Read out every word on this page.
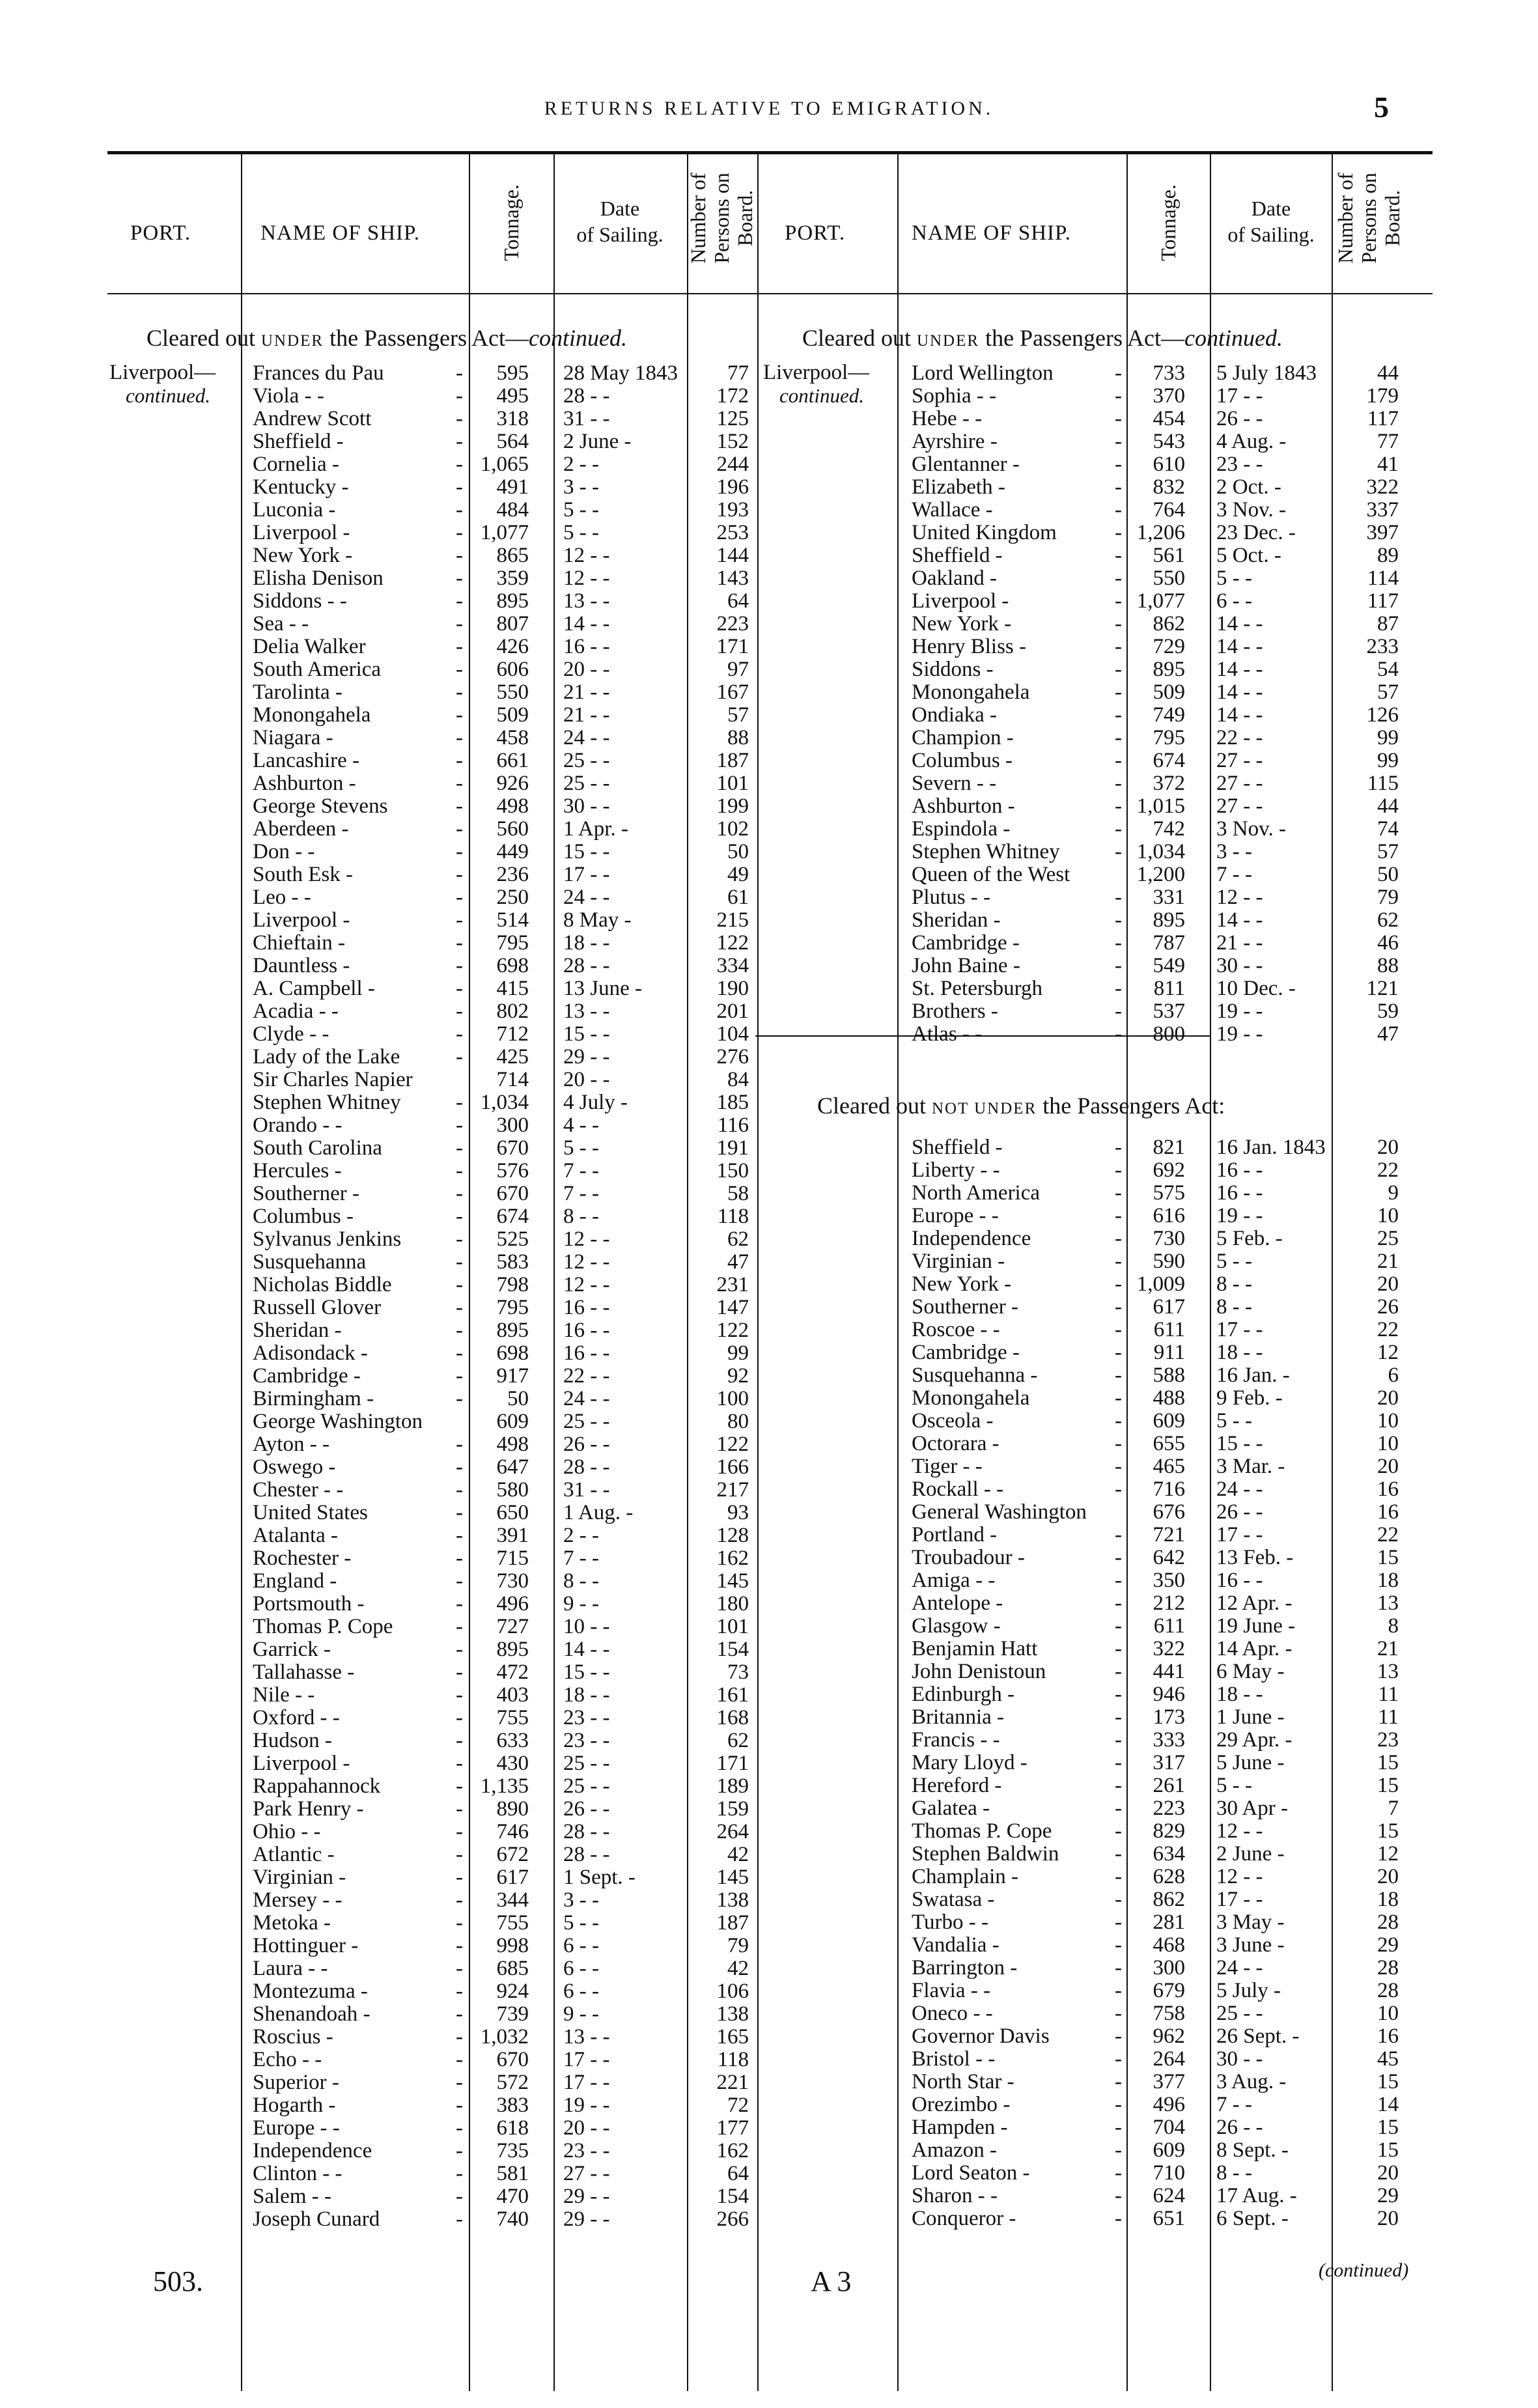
RETURNS RELATIVE TO EMIGRATION.	5
PORT.	NAME OF SHIP.	Tonnage.	Date
of Sailing.	Number of Persons on Board. PORT.	NAME OF SHIP.	Tonnage.	Date
of Sailing. Number of Persons on Board.
Cleared out UNDER the Passengers Act—continued.	Cleared out UNDER the Passengers Act—continued.
Cleared out NOT UNDER the Passengers Act:
Liverpool—
continued.
Liverpool—
continued.
Frances du Pau	-	595 28 May 1843	77
Viola - -	-	495 28 - -	172
Andrew Scott	-	318 31 - -	125
Sheffield -	-	564 2 June -	152
Cornelia -	- 1,065 2 - -	244
Kentucky -	-	491 3 - -	196
Luconia -	-	484 5 - -	193
Liverpool -	- 1,077 5 - -	253
New York -	-	865 12 - -	144
Elisha Denison	-	359 12 - -	143
Siddons - -	-	895 13 - -	64
Sea - -	-	807 14 - -	223
Delia Walker	-	426 16 - -	171
South America	-	606 20 - -	97
Tarolinta -	-	550 21 - -	167
Monongahela	-	509 21 - -	57
Niagara -	-	458 24 - -	88
Lancashire -	-	661 25 - -	187
Ashburton -	-	926 25 - -	101
George Stevens	-	498 30 - -	199
Aberdeen -	-	560 1 Apr. -	102
Don - -	-	449 15 - -	50
South Esk -	-	236 17 - -	49
Leo - -	-	250 24 - -	61
Liverpool -	-	514 8 May -	215
Chieftain -	-	795 18 - -	122
Dauntless -	-	698 28 - -	334
A. Campbell -	-	415 13 June -	190
Acadia - -	-	802 13 - -	201
Clyde - -	-	712 15 - -	104
Lady of the Lake	-	425 29 - -	276
Sir Charles Napier	714 20 - -	84
Stephen Whitney	- 1,034 4 July -	185
Orando - -	-	300 4 - -	116
South Carolina	-	670 5 - -	191
Hercules -	-	576 7 - -	150
Southerner -	-	670 7 - -	58
Columbus -	-	674 8 - -	118
Sylvanus Jenkins	-	525 12 - -	62
Susquehanna	-	583 12 - -	47
Nicholas Biddle	-	798 12 - -	231
Russell Glover	-	795 16 - -	147
Sheridan -	-	895 16 - -	122
Adisondack -	-	698 16 - -	99
Cambridge -	-	917 22 - -	92
Birmingham -	-	50 24 - -	100
George Washington	609 25 - -	80
Ayton - -	-	498 26 - -	122
Oswego -	-	647 28 - -	166
Chester - -	-	580 31 - -	217
United States	-	650 1 Aug. -	93
Atalanta -	-	391 2 - -	128
Rochester -	-	715 7 - -	162
England -	-	730 8 - -	145
Portsmouth -	-	496 9 - -	180
Thomas P. Cope	-	727 10 - -	101
Garrick -	-	895 14 - -	154
Tallahasse -	-	472 15 - -	73
Nile - -	-	403 18 - -	161
Oxford - -	-	755 23 - -	168
Hudson -	-	633 23 - -	62
Liverpool -	-	430 25 - -	171
Rappahannock	- 1,135 25 - -	189
Park Henry -	-	890 26 - -	159
Ohio - -	-	746 28 - -	264
Atlantic -	-	672 28 - -	42
Virginian -	-	617 1 Sept. -	145
Mersey - -	-	344 3 - -	138
Metoka -	-	755 5 - -	187
Hottinguer -	-	998 6 - -	79
Laura - -	-	685 6 - -	42
Montezuma -	-	924 6 - -	106
Shenandoah -	-	739 9 - -	138
Roscius -	- 1,032 13 - -	165
Echo - -	-	670 17 - -	118
Superior -	-	572 17 - -	221
Hogarth -	-	383 19 - -	72
Europe - -	-	618 20 - -	177
Independence	-	735 23 - -	162
Clinton - -	-	581 27 - -	64
Salem - -	-	470 29 - -	154
Joseph Cunard	-	740 29 - -	266
Lord Wellington	-	733 5 July 1843	44
Sophia - -	-	370 17 - -	179
Hebe - -	-	454 26 - -	117
Ayrshire -	-	543 4 Aug. -	77
Glentanner -	-	610 23 - -	41
Elizabeth -	-	832 2 Oct. -	322
Wallace -	-	764 3 Nov. -	337
United Kingdom	- 1,206 23 Dec. -	397
Sheffield -	-	561 5 Oct. -	89
Oakland -	-	550 5 - -	114
Liverpool -	- 1,077 6 - -	117
New York -	-	862 14 - -	87
Henry Bliss -	-	729 14 - -	233
Siddons -	-	895 14 - -	54
Monongahela	-	509 14 - -	57
Ondiaka -	-	749 14 - -	126
Champion -	-	795 22 - -	99
Columbus -	-	674 27 - -	99
Severn - -	-	372 27 - -	115
Ashburton -	- 1,015 27 - -	44
Espindola -	-	742 3 Nov. -	74
Stephen Whitney	- 1,034 3 - -	57
Queen of the West	1,200 7 - -	50
Plutus - -	-	331 12 - -	79
Sheridan -	-	895 14 - -	62
Cambridge -	-	787 21 - -	46
John Baine -	-	549 30 - -	88
St. Petersburgh	-	811 10 Dec. -	121
Brothers -	-	537 19 - -	59
Atlas - -	-	800 19 - -	47
Sheffield -	-	821 16 Jan. 1843	20
Liberty - -	-	692 16 - -	22
North America	-	575 16 - -	9
Europe - -	-	616 19 - -	10
Independence	-	730 5 Feb. -	25
Virginian -	-	590 5 - -	21
New York -	- 1,009 8 - -	20
Southerner -	-	617 8 - -	26
Roscoe - -	-	611 17 - -	22
Cambridge -	-	911 18 - -	12
Susquehanna -	-	588 16 Jan. -	6
Monongahela	-	488 9 Feb. -	20
Osceola -	-	609 5 - -	10
Octorara -	-	655 15 - -	10
Tiger - -	-	465 3 Mar. -	20
Rockall - -	-	716 24 - -	16
General Washington	676 26 - -	16
Portland -	-	721 17 - -	22
Troubadour -	-	642 13 Feb. -	15
Amiga - -	-	350 16 - -	18
Antelope -	-	212 12 Apr. -	13
Glasgow -	-	611 19 June -	8
Benjamin Hatt	-	322 14 Apr. -	21
John Denistoun	-	441 6 May -	13
Edinburgh -	-	946 18 - -	11
Britannia -	-	173 1 June -	11
Francis - -	-	333 29 Apr. -	23
Mary Lloyd -	-	317 5 June -	15
Hereford -	-	261 5 - -	15
Galatea -	-	223 30 Apr -	7
Thomas P. Cope	-	829 12 - -	15
Stephen Baldwin	-	634 2 June -	12
Champlain -	-	628 12 - -	20
Swatasa -	-	862 17 - -	18
Turbo - -	-	281 3 May -	28
Vandalia -	-	468 3 June -	29
Barrington -	-	300 24 - -	28
Flavia - -	-	679 5 July -	28
Oneco - -	-	758 25 - -	10
Governor Davis	-	962 26 Sept. -	16
Bristol - -	-	264 30 - -	45
North Star -	-	377 3 Aug. -	15
Orezimbo -	-	496 7 - -	14
Hampden -	-	704 26 - -	15
Amazon -	-	609 8 Sept. -	15
Lord Seaton -	-	710 8 - -	20
Sharon - -	-	624 17 Aug. -	29
Conqueror -	-	651 6 Sept. -	20
503.	A 3	(continued)
